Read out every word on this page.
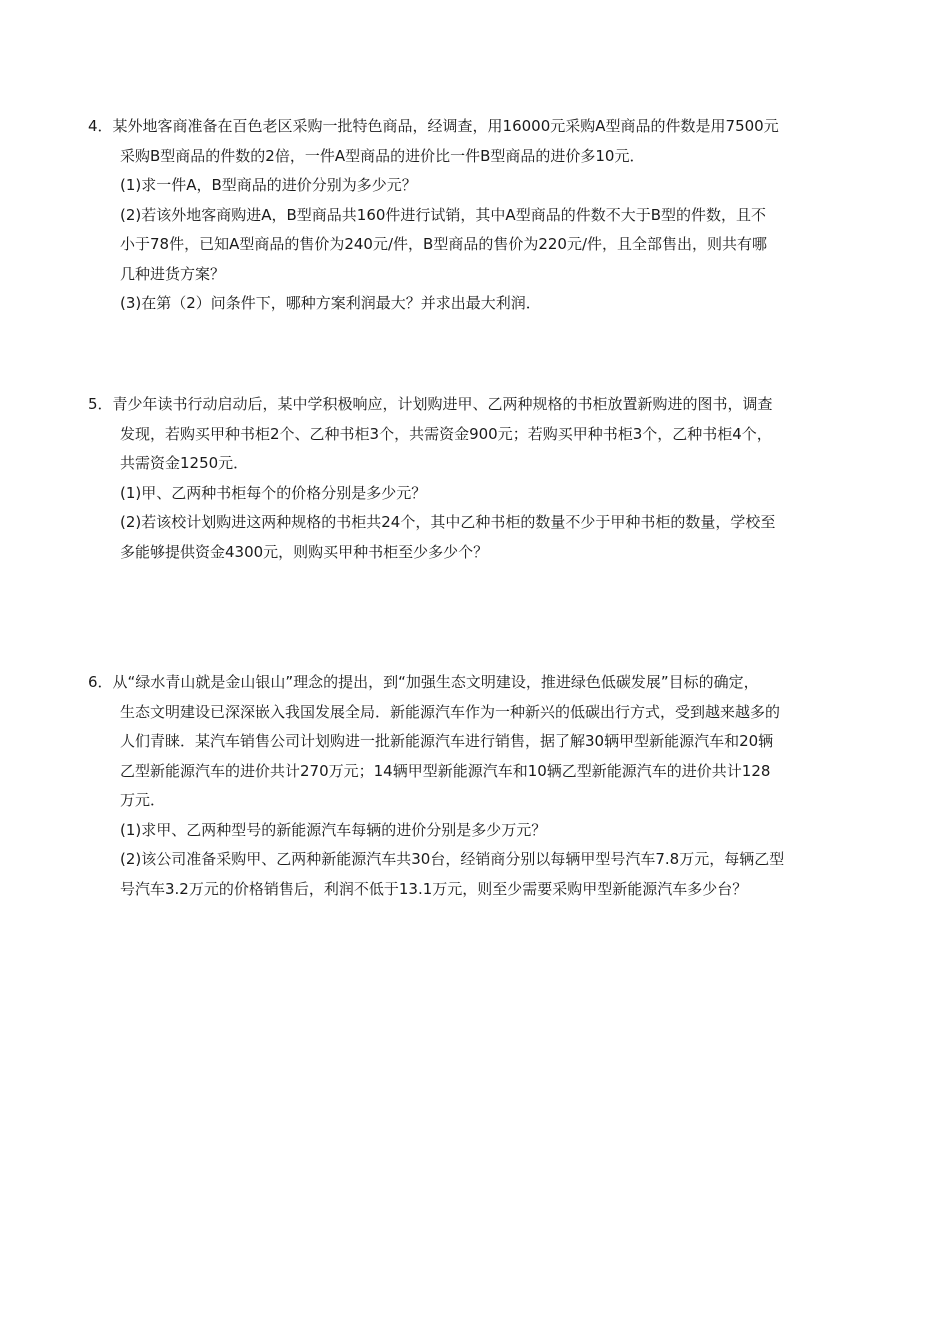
4．某外地客商准备在百色老区采购一批特色商品，经调查，用16000元采购A型商品的件数是用7500元
采购B型商品的件数的2倍，一件A型商品的进价比一件B型商品的进价多10元．
(1)求一件A，B型商品的进价分别为多少元？
(2)若该外地客商购进A，B型商品共160件进行试销，其中A型商品的件数不大于B型的件数，且不
小于78件，已知A型商品的售价为240元/件，B型商品的售价为220元/件，且全部售出，则共有哪
几种进货方案？
(3)在第（2）问条件下，哪种方案利润最大？并求出最大利润．
5．青少年读书行动启动后，某中学积极响应，计划购进甲、乙两种规格的书柜放置新购进的图书，调查
发现，若购买甲种书柜2个、乙种书柜3个，共需资金900元；若购买甲种书柜3个，乙种书柜4个，
共需资金1250元．
(1)甲、乙两种书柜每个的价格分别是多少元？
(2)若该校计划购进这两种规格的书柜共24个，其中乙种书柜的数量不少于甲种书柜的数量，学校至
多能够提供资金4300元，则购买甲种书柜至少多少个？
6．从“绿水青山就是金山银山”理念的提出，到“加强生态文明建设，推进绿色低碳发展”目标的确定，
生态文明建设已深深嵌入我国发展全局．新能源汽车作为一种新兴的低碳出行方式，受到越来越多的
人们青睐．某汽车销售公司计划购进一批新能源汽车进行销售，据了解30辆甲型新能源汽车和20辆
乙型新能源汽车的进价共计270万元；14辆甲型新能源汽车和10辆乙型新能源汽车的进价共计128
万元．
(1)求甲、乙两种型号的新能源汽车每辆的进价分别是多少万元？
(2)该公司准备采购甲、乙两种新能源汽车共30台，经销商分别以每辆甲型号汽车7.8万元，每辆乙型
号汽车3.2万元的价格销售后，利润不低于13.1万元，则至少需要采购甲型新能源汽车多少台？
